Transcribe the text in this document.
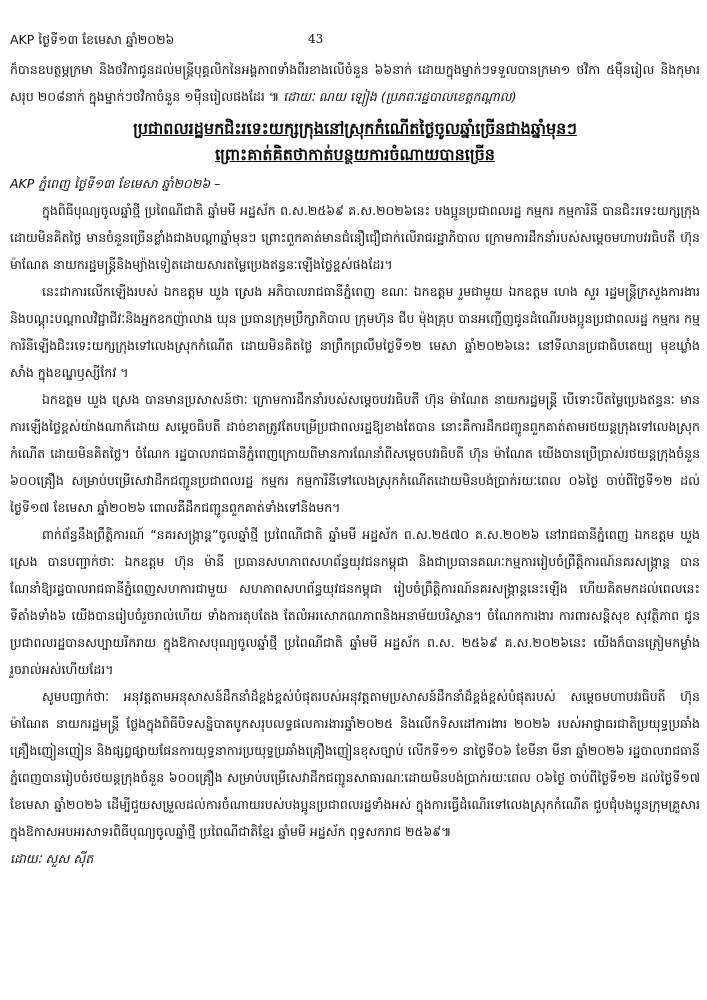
AKP ថ្ងៃទី១៣ ខែមេសា ឆ្នាំ២០២៦	43

ក៏បានឧបត្ថម្ភក្រមា និងថវិកាជូនដល់មន្ត្រីបុគ្គលិកនៃអង្គភាពទាំងពីរខាងលើចំនួន ៦៦នាក់ ដោយក្នុងម្នាក់ៗទទួលបានក្រមា១ ថវិកា ៥ម៉ឺនរៀល និងកុមារសរុប ២០៨នាក់ ក្នុងម្នាក់ៗថវិកាចំនួន ១ម៉ឺនរៀលផងដែរ ៕ ដោយៈ ណយ ឡៀង (ប្រភពៈរដ្ឋបាលខេត្តកណ្ដាល)

ប្រជាពលរដ្ឋមកជិះរទេះយក្សក្រុងនៅស្រុកកំណើតថ្ងៃចូលឆ្នាំច្រើនជាងឆ្នាំមុនៗ
ព្រោះគាត់គិតថាកាត់បន្ថយការចំណាយបានច្រើន

AKP ភ្នំពេញ ថ្ងៃទី១៣ ខែមេសា ឆ្នាំ២០២៦ –

ក្នុងពិធីបុណ្យចូលឆ្នាំថ្មី ប្រពៃណីជាតិ ឆ្នាំមមី អដ្ឋស័ក ព.ស.២៥៦៩ គ.ស.២០២៦នេះ បងប្អូនប្រជាពលរដ្ឋ កម្មករ កម្មការិនី បានជិះរទេះយក្សក្រុង ដោយមិនគិតថ្លៃ មានចំនួនច្រើនខ្លាំងជាងបណ្ដាឆ្នាំមុនៗ ព្រោះពួកគាត់មានជំនឿជឿជាក់លើរាជរដ្ឋាភិបាល ក្រោមការដឹកនាំរបស់សម្ដេចមហាបវរធិបតី ហ៊ុន ម៉ាណែត នាយករដ្ឋមន្ត្រីនិងម្យ៉ាងទៀតដោយសារតម្លៃប្រេងឥន្ធនៈឡើងថ្លៃខ្ពស់ផងដែរ។

នេះជាការលើកឡើងរបស់ ឯកឧត្ដម ឃួង ស្រេង អភិបាលរាជធានីភ្នំពេញ ខណៈ ឯកឧត្ដម រួមជាមួយ ឯកឧត្ដម ហេង សួរ រដ្ឋមន្ត្រីក្រសួងការងារ និងបណ្ដុះបណ្ដាលវិជ្ជាជីវៈនិងអ្នកឧកញ៉ាលាង ឃុន ប្រធានក្រុមប្រឹក្សាភិបាល ក្រុមហ៊ុន ជីប ម៉ុងគ្រុប បានអញ្ជើញជូនដំណើរបងប្អូនប្រជាពលរដ្ឋ កម្មករ កម្មការិនីឡើងជិះរទេះយក្សក្រុងទៅលេងស្រុកកំណើត ដោយមិនគិតថ្លៃ នាព្រឹកព្រលឹមថ្ងៃទី១២ មេសា ឆ្នាំ២០២៦នេះ នៅទីលានប្រជាធិបតេយ្យ មុខឃ្លាំងសាំង ក្នុងខណ្ឌឫស្សីកែវ ។

ឯកឧត្ដម ឃួង ស្រេង បានមានប្រសាសន៍ថាៈ ក្រោមការដឹកនាំរបស់សម្ដេចបវរធិបតី ហ៊ុន ម៉ាណែត នាយករដ្ឋមន្ត្រី បើទោះបីតម្លៃប្រេងឥន្ធនៈ មានការឡើងថ្លៃខ្ពស់យ៉ាងណាក៏ដោយ សម្ដេចធិបតី ដាច់ខាតត្រូវតែបម្រើប្រជាពលរដ្ឋឱ្យខាងតែបាន នោះគឺការដឹកជញ្ជូនពួកគាត់តាមរថយន្តក្រុងទៅលេងស្រុកកំណើត ដោយមិនគិតថ្លៃ។ ចំណែក រដ្ឋបាលរាជធានីភ្នំពេញក្រោយពីមានការណែនាំពីសម្ដេចបវរធិបតី ហ៊ុន ម៉ាណែត យើងបានប្រើប្រាស់រថយន្តក្រុងចំនួន ៦០០គ្រឿង សម្រាប់បម្រើសេវាដឹកជញ្ជូនប្រជាពលរដ្ឋ កម្មករ កម្មការិនីទៅលេងស្រុកកំណើតដោយមិនបង់ប្រាក់រយៈពេល ០៦ថ្ងៃ ចាប់ពីថ្ងៃទី១២ ដល់ថ្ងៃទី១៧ ខែមេសា ឆ្នាំ២០២៦ ពោលគឺដឹកជញ្ជូនពួកគាត់ទាំងទៅនិងមក។

ពាក់ព័ន្ធនឹងព្រឹត្តិការណ៍ “នគរសង្ក្រាន្ត”ចូលឆ្នាំថ្មី ប្រពៃណីជាតិ ឆ្នាំមមី អដ្ឋស័ក ព.ស.២៥៧០ គ.ស.២០២៦ នៅរាជធានីភ្នំពេញ ឯកឧត្ដម ឃួង ស្រេង បានបញ្ជាក់ថាៈ ឯកឧត្ដម ហ៊ុន ម៉ានី ប្រធានសហភាពសហព័ន្ធយុវជនកម្ពុជា និងជាប្រធានគណៈកម្មការរៀបចំព្រឹត្តិការណ៍នគរសង្ក្រាន្ត បានណែនាំឱ្យរដ្ឋបាលរាជធានីភ្នំពេញសហការជាមួយ សហភាពសហព័ន្ធយុវជនកម្ពុជា រៀបចំព្រឹត្តិការណ៍នគរសង្ក្រាន្តនេះឡើង ហើយគិតមកដល់ពេលនេះ ទីតាំងទាំង៦ យើងបានរៀបចំរួចរាល់ហើយ ទាំងការតុបតែង តែលំអរសោភណភាពនិងអនាម័យបរិស្ថាន។ ចំណែកការងារ ការពារសន្តិសុខ សុវត្ថិភាព ជូនប្រជាពលរដ្ឋបានសប្បាយរីករាយ ក្នុងឱកាសបុណ្យចូលឆ្នាំថ្មី ប្រពៃណីជាតិ ឆ្នាំមមី អដ្ឋស័ក ព.ស. ២៥៦៩ គ.ស.២០២៦នេះ យើងក៏បានត្រៀមកម្លាំងរួចរាល់អស់ហើយដែរ។

សូមបញ្ជាក់ថាៈ អនុវត្តតាមអនុសាសន៍ដឹកនាំដ៏ខ្ពង់ខ្ពស់បំផុតរបស់អនុវត្តតាមប្រសាសន៍ដឹកនាំដ៏ខ្ពង់ខ្ពស់បំផុតរបស់ សម្ដេចមហាបវរធិបតី ហ៊ុន ម៉ាណែត នាយករដ្ឋមន្ត្រី ថ្លែងក្នុងពិធីបិទសន្និបាតបូកសរុបលទ្ធផលការងារឆ្នាំ២០២៥ និងលើកទិសដៅការងារ ២០២៦ របស់អាជ្ញាធរជាតិប្រយុទ្ធប្រឆាំងគ្រឿងញៀនញៀន និងផ្សព្វផ្សាយផែនការយុទ្ធនាការប្រយុទ្ធប្រឆាំងគ្រឿងញៀនខុសច្បាប់ លើកទី១១ នាថ្ងៃទី០៦ ខែមីនា មីនា ឆ្នាំ២០២៦ រដ្ឋបាលរាជធានីភ្នំពេញបានរៀបចំរថយន្តក្រុងចំនួន ៦០០គ្រឿង សម្រាប់បម្រើសេវាដឹកជញ្ជូនសាធារណៈដោយមិនបង់ប្រាក់រយៈពេល ០៦ថ្ងៃ ចាប់ពីថ្ងៃទី១២ ដល់ថ្ងៃទី១៧ ខែមេសា ឆ្នាំ២០២៦ ដើម្បីជួយសម្រួលដល់ការចំណាយរបស់បងប្អូនប្រជាពលរដ្ឋទាំងអស់ ក្នុងការធ្វើដំណើរទៅលេងស្រុកកំណើត ជួបជុំបងប្អូនក្រុមគ្រួសារ ក្នុងឱកាសអបអរសាទរពិធីបុណ្យចូលឆ្នាំថ្មី ប្រពៃណីជាតិខ្មែរ ឆ្នាំមមី អដ្ឋស័ក ពុទ្ធសករាជ ២៥៦៩៕

ដោយៈ សួស ស៊ីត
